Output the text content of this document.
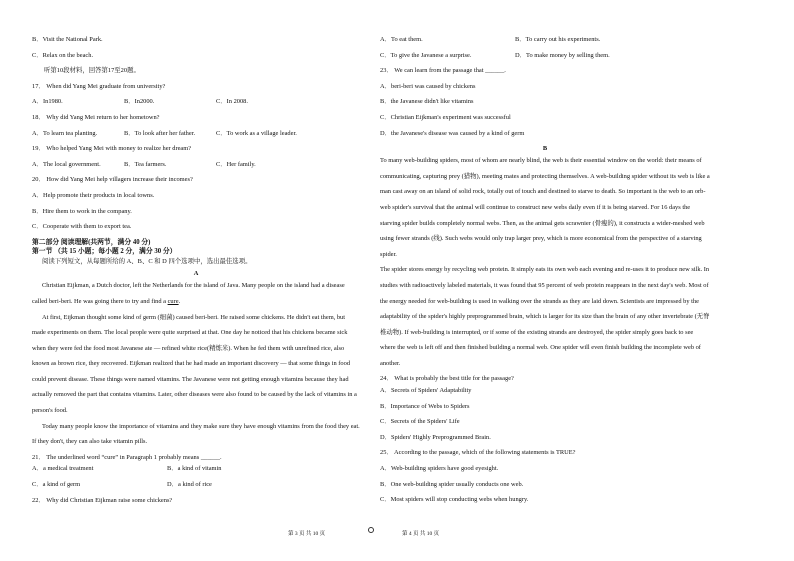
B．Visit the National Park.
C．Relax on the beach.
听第10段材料，回答第17至20题。
17． When did Yang Mei graduate from university?
A．In1980.	B．In2000.	C．In 2008.
18． Why did Yang Mei return to her hometown?
A．To learn tea planting.	B．To look after her father.	C．To work as a village leader.
19． Who helped Yang Mei with money to realize her dream?
A．The local government.	B．Tea farmers.	C．Her family.
20． How did Yang Mei help villagers increase their incomes?
A．Help promote their products in local towns.
B．Hire them to work in the company.
C．Cooperate with them to export tea.
第二部分 阅读理解(共两节，满分 40 分)
第一节 （共 15 小题；每小题 2 分，满分 30 分）
阅读下列短文，从每题所给的 A、B、C 和 D 四个选项中，选出最佳选项。
A

Christian Eijkman, a Dutch doctor, left the Netherlands for the island of Java. Many people on the island had a disease called beri-beri. He was going there to try and find a cure.

At first, Eijkman thought some kind of germ (细菌) caused beri-beri. He raised some chickens. He didn't eat them, but made experiments on them. The local people were quite surprised at that. One day he noticed that his chickens became sick when they were fed the food most Javanese ate — refined white rice(精炼米). When he fed them with unrefined rice, also known as brown rice, they recovered. Eijkman realized that he had made an important discovery — that some things in food could prevent disease. These things were named vitamins. The Javanese were not getting enough vitamins because they had actually removed the part that contains vitamins. Later, other diseases were also found to be caused by the lack of vitamins in a person's food.

Today many people know the importance of vitamins and they make sure they have enough vitamins from the food they eat. If they don't, they can also take vitamin pills.

21． The underlined word “cure” in Paragraph 1 probably means ______.
A．a medical treatment	B．a kind of vitamin
C．a kind of germ	D．a kind of rice
22． Why did Christian Eijkman raise some chickens?
A．To eat them.	B．To carry out his experiments.
C．To give the Javanese a surprise.	D．To make money by selling them.
23． We can learn from the passage that ______.
A．beri-beri was caused by chickens
B．the Javanese didn't like vitamins
C．Christian Eijkman's experiment was successful
D．the Javanese's disease was caused by a kind of germ
B

To many web-building spiders, most of whom are nearly blind, the web is their essential window on the world: their means of communicating, capturing prey (猎物), meeting mates and protecting themselves. A web-building spider without its web is like a man cast away on an island of solid rock, totally out of touch and destined to starve to death. So important is the web to an orb-web spider's survival that the animal will continue to construct new webs daily even if it is being starved. For 16 days the starving spider builds completely normal webs. Then, as the animal gets scrawnier (骨瘦的), it constructs a wider-meshed web using fewer strands (线). Such webs would only trap larger prey, which is more economical from the perspective of a starving spider.

The spider stores energy by recycling web protein. It simply eats its own web each evening and re-uses it to produce new silk. In studies with radioactively labeled materials, it was found that 95 percent of web protein reappears in the next day's web. Most of the energy needed for web-building is used in walking over the strands as they are laid down. Scientists are impressed by the adaptability of the spider's highly preprogrammed brain, which is larger for its size than the brain of any other invertebrate (无脊椎动物). If web-building is interrupted, or if some of the existing strands are destroyed, the spider simply goes back to see where the web is left off and then finished building a normal web. One spider will even finish building the incomplete web of another.

24． What is probably the best title for the passage?
A．Secrets of Spiders' Adaptability
B．Importance of Webs to Spiders
C．Secrets of the Spiders' Life
D．Spiders' Highly Preprogrammed Brain.
25． According to the passage, which of the following statements is TRUE?
A．Web-building spiders have good eyesight.
B．One web-building spider usually conducts one web.
C．Most spiders will stop conducting webs when hungry.
第 3 页 共 10 页	第 4 页 共 10 页
